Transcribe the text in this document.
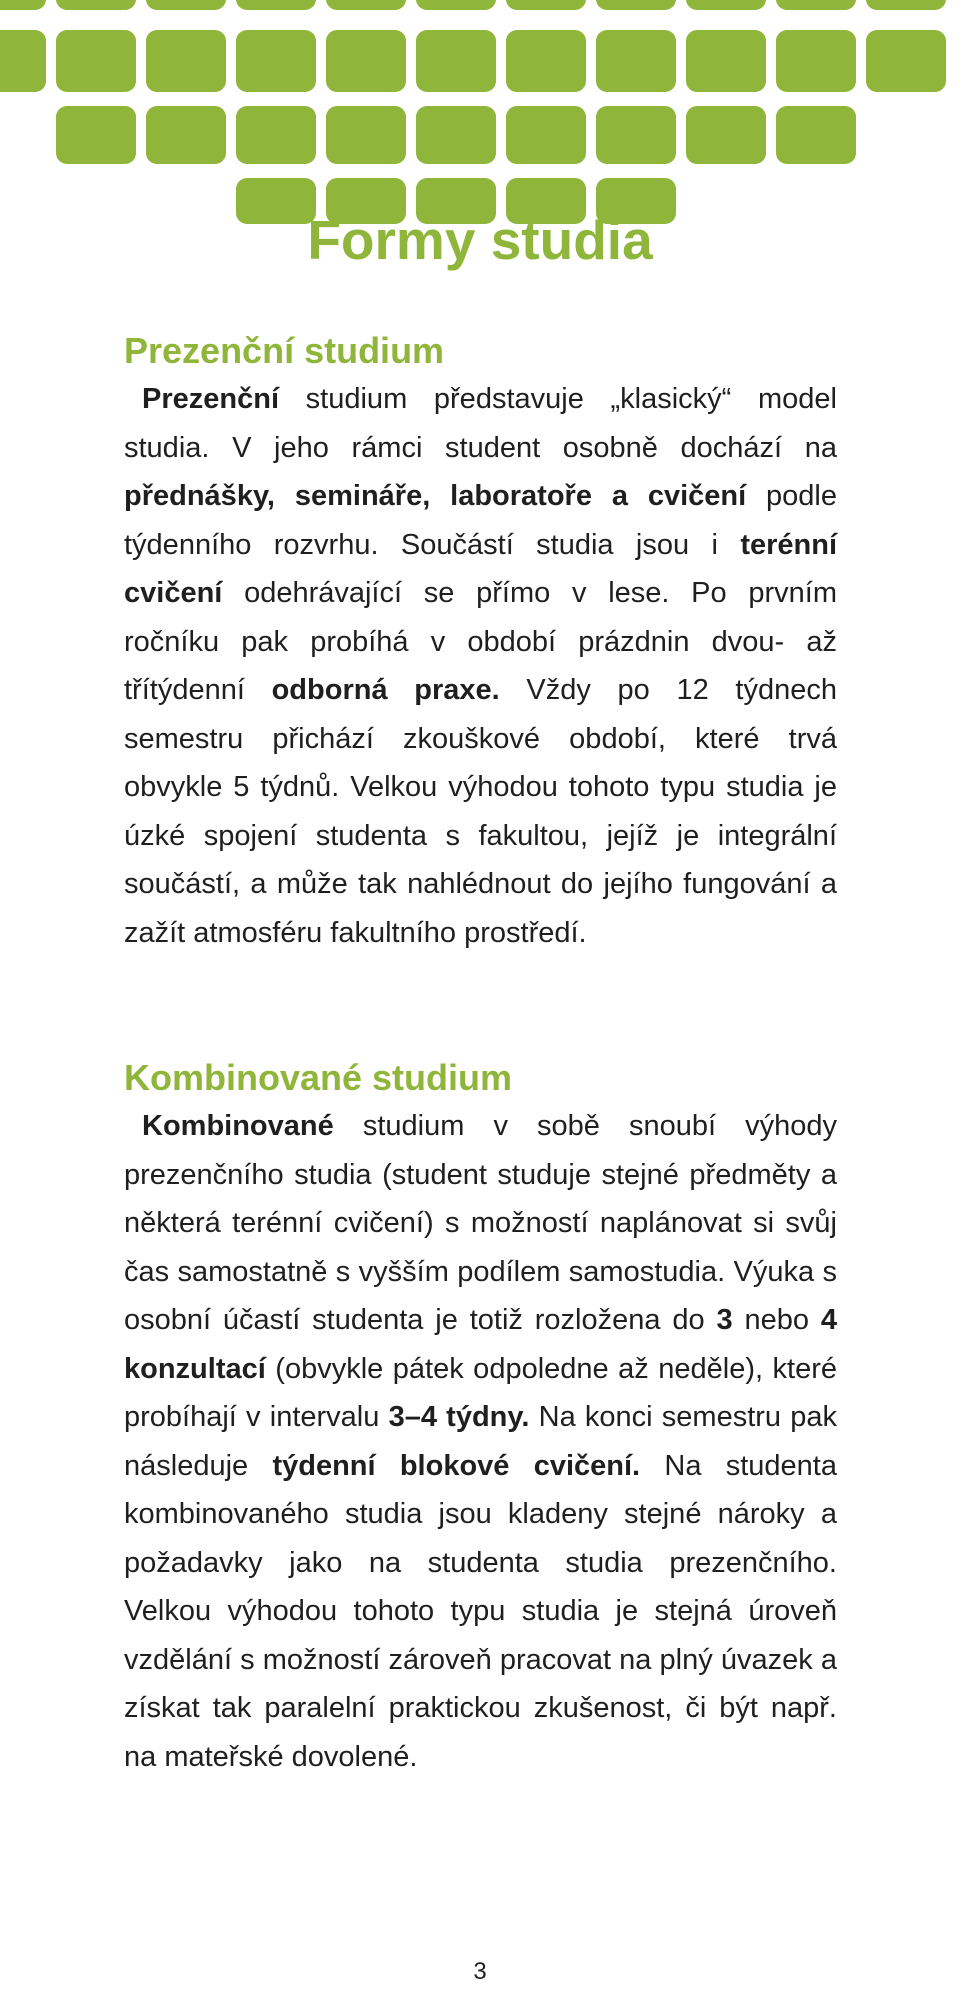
Formy studia
Prezenční studium

Prezenční studium představuje „klasický“ model studia. V jeho rámci student osobně dochází na přednášky, semináře, laboratoře a cvičení podle týdenního rozvrhu. Součástí studia jsou i terénní cvičení odehrávající se přímo v lese. Po prvním ročníku pak probíhá v období prázdnin dvou- až třítýdenní odborná praxe. Vždy po 12 týdnech semestru přichází zkouškové období, které trvá obvykle 5 týdnů. Velkou výhodou tohoto typu studia je úzké spojení studenta s fakultou, jejíž je integrální součástí, a může tak nahlédnout do jejího fungování a zažít atmosféru fakultního prostředí.

Kombinované studium

Kombinované studium v sobě snoubí výhody prezenčního studia (student studuje stejné předměty a některá terénní cvičení) s možností naplánovat si svůj čas samostatně s vyšším podílem samostudia. Výuka s osobní účastí studenta je totiž rozložena do 3 nebo 4 konzultací (obvykle pátek odpoledne až neděle), které probíhají v intervalu 3–4 týdny. Na konci semestru pak následuje týdenní blokové cvičení. Na studenta kombinovaného studia jsou kladeny stejné nároky a požadavky jako na studenta studia prezenčního. Velkou výhodou tohoto typu studia je stejná úroveň vzdělání s možností zároveň pracovat na plný úvazek a získat tak paralelní praktickou zkušenost, či být např. na mateřské dovolené.

3
